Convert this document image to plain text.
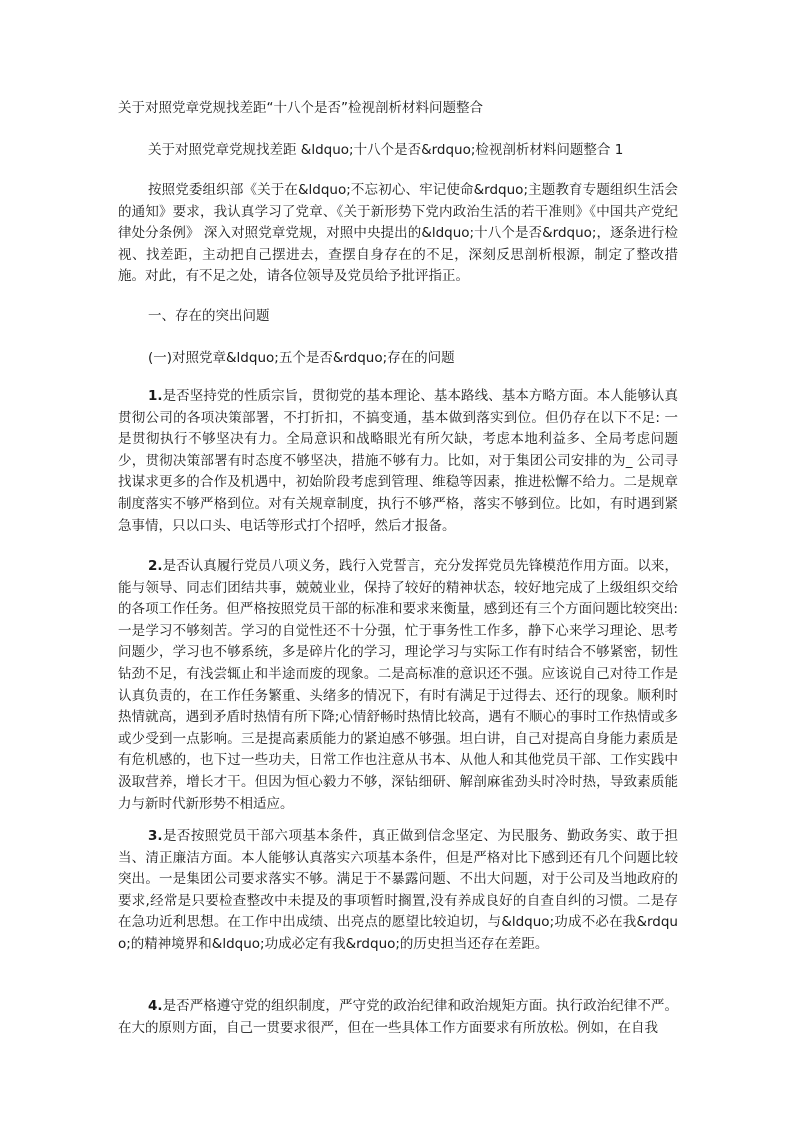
关于对照党章党规找差距“十八个是否”检视剖析材料问题整合
关于对照党章党规找差距 &ldquo;十八个是否&rdquo;检视剖析材料问题整合 1

按照党委组织部《关于在&ldquo;不忘初心、牢记使命&rdquo;主题教育专题组织生活会的通知》要求，我认真学习了党章、《关于新形势下党内政治生活的若干准则》《中国共产党纪律处分条例》 深入对照党章党规，对照中央提出的&ldquo;十八个是否&rdquo;，逐条进行检视、找差距，主动把自己摆进去，查摆自身存在的不足，深刻反思剖析根源，制定了整改措施。对此，有不足之处，请各位领导及党员给予批评指正。

一、存在的突出问题
(一)对照党章&ldquo;五个是否&rdquo;存在的问题

1.是否坚持党的性质宗旨，贯彻党的基本理论、基本路线、基本方略方面。本人能够认真贯彻公司的各项决策部署，不打折扣，不搞变通，基本做到落实到位。但仍存在以下不足: 一是贯彻执行不够坚决有力。全局意识和战略眼光有所欠缺，考虑本地利益多、全局考虑问题少，贯彻决策部署有时态度不够坚决，措施不够有力。比如，对于集团公司安排的为_ 公司寻找谋求更多的合作及机遇中，初始阶段考虑到管理、维稳等因素，推进松懈不给力。二是规章制度落实不够严格到位。对有关规章制度，执行不够严格，落实不够到位。比如，有时遇到紧急事情，只以口头、电话等形式打个招呼，然后才报备。

2.是否认真履行党员八项义务，践行入党誓言，充分发挥党员先锋模范作用方面。以来，能与领导、同志们团结共事，兢兢业业，保持了较好的精神状态，较好地完成了上级组织交给的各项工作任务。但严格按照党员干部的标准和要求来衡量，感到还有三个方面问题比较突出: 一是学习不够刻苦。学习的自觉性还不十分强，忙于事务性工作多，静下心来学习理论、思考问题少，学习也不够系统，多是碎片化的学习，理论学习与实际工作有时结合不够紧密，韧性钻劲不足，有浅尝辄止和半途而废的现象。二是高标准的意识还不强。应该说自己对待工作是认真负责的，在工作任务繁重、头绪多的情况下，有时有满足于过得去、还行的现象。顺利时热情就高，遇到矛盾时热情有所下降;心情舒畅时热情比较高，遇有不顺心的事时工作热情或多或少受到一点影响。三是提高素质能力的紧迫感不够强。坦白讲，自己对提高自身能力素质是有危机感的，也下过一些功夫，日常工作也注意从书本、从他人和其他党员干部、工作实践中汲取营养，增长才干。但因为恒心毅力不够，深钻细研、解剖麻雀劲头时冷时热，导致素质能力与新时代新形势不相适应。

3.是否按照党员干部六项基本条件，真正做到信念坚定、为民服务、勤政务实、敢于担当、清正廉洁方面。本人能够认真落实六项基本条件，但是严格对比下感到还有几个问题比较突出。一是集团公司要求落实不够。满足于不暴露问题、不出大问题，对于公司及当地政府的要求,经常是只要检查整改中未提及的事项暂时搁置,没有养成良好的自查自纠的习惯。二是存在急功近利思想。在工作中出成绩、出亮点的愿望比较迫切，与&ldquo;功成不必在我&rdquo;的精神境界和&ldquo;功成必定有我&rdquo;的历史担当还存在差距。

4.是否严格遵守党的组织制度，严守党的政治纪律和政治规矩方面。执行政治纪律不严。在大的原则方面，自己一贯要求很严，但在一些具体工作方面要求有所放松。例如，在自我
